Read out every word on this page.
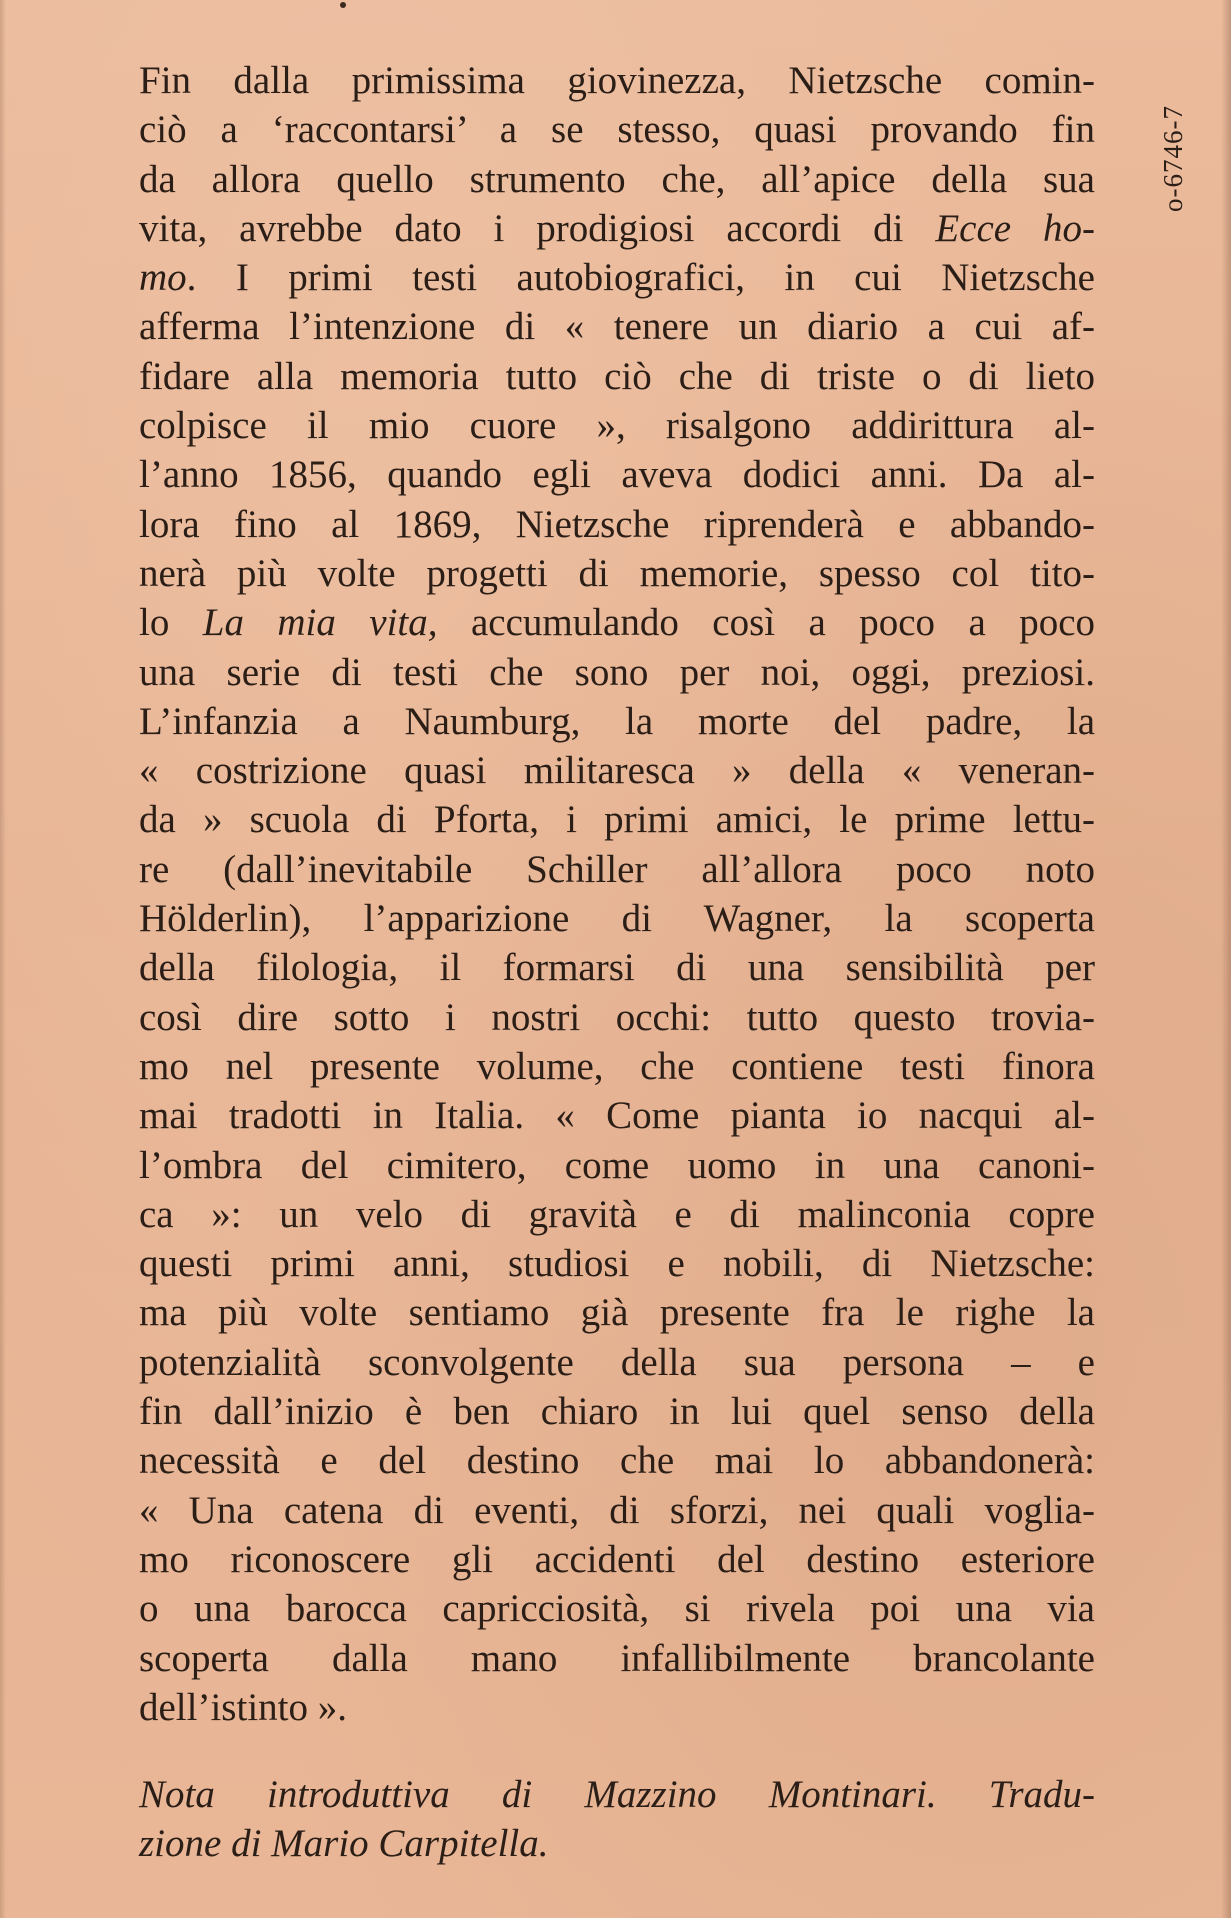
Fin dalla primissima giovinezza, Nietzsche comin-
ciò a ‘raccontarsi’ a se stesso, quasi provando fin
da allora quello strumento che, all’apice della sua
vita, avrebbe dato i prodigiosi accordi di Ecce ho-
mo. I primi testi autobiografici, in cui Nietzsche
afferma l’intenzione di « tenere un diario a cui af-
fidare alla memoria tutto ciò che di triste o di lieto
colpisce il mio cuore », risalgono addirittura al-
l’anno 1856, quando egli aveva dodici anni. Da al-
lora fino al 1869, Nietzsche riprenderà e abbando-
nerà più volte progetti di memorie, spesso col tito-
lo La mia vita, accumulando così a poco a poco
una serie di testi che sono per noi, oggi, preziosi.
L’infanzia a Naumburg, la morte del padre, la
« costrizione quasi militaresca » della « veneran-
da » scuola di Pforta, i primi amici, le prime lettu-
re (dall’inevitabile Schiller all’allora poco noto
Hölderlin), l’apparizione di Wagner, la scoperta
della filologia, il formarsi di una sensibilità per
così dire sotto i nostri occhi: tutto questo trovia-
mo nel presente volume, che contiene testi finora
mai tradotti in Italia. « Come pianta io nacqui al-
l’ombra del cimitero, come uomo in una canoni-
ca »: un velo di gravità e di malinconia copre
questi primi anni, studiosi e nobili, di Nietzsche:
ma più volte sentiamo già presente fra le righe la
potenzialità sconvolgente della sua persona – e
fin dall’inizio è ben chiaro in lui quel senso della
necessità e del destino che mai lo abbandonerà:
« Una catena di eventi, di sforzi, nei quali voglia-
mo riconoscere gli accidenti del destino esteriore
o una barocca capricciosità, si rivela poi una via
scoperta dalla mano infallibilmente brancolante
dell’istinto ».
Nota introduttiva di Mazzino Montinari. Tradu-
zione di Mario Carpitella.
o-6746-7
